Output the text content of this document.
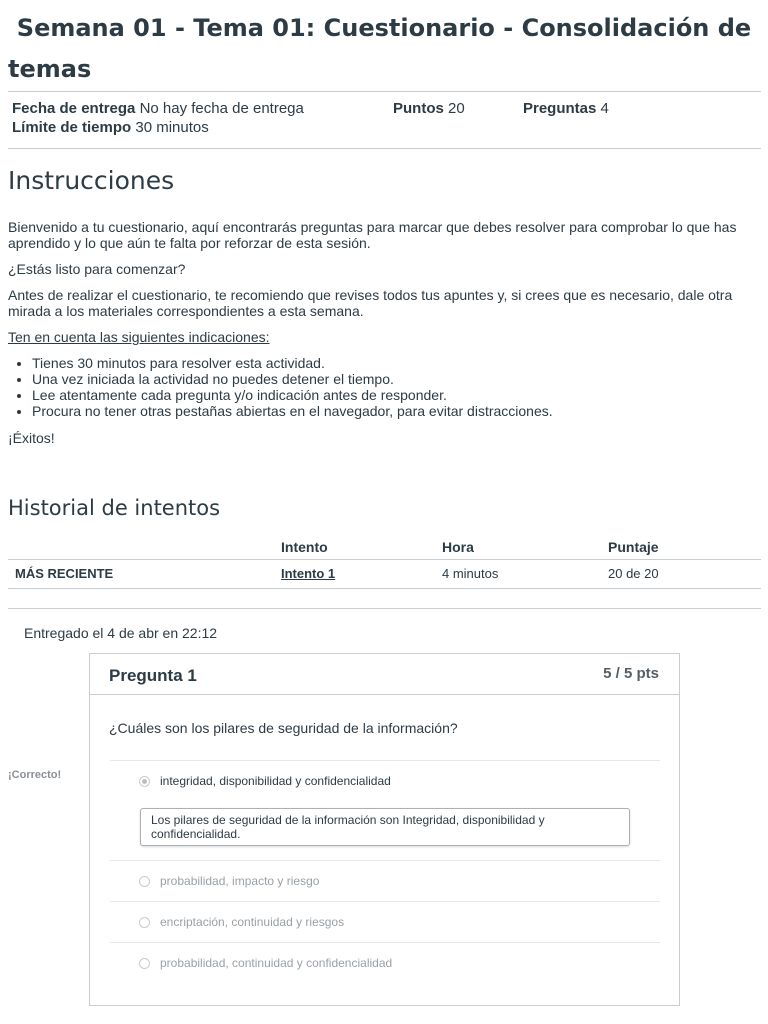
Semana 01 - Tema 01: Cuestionario - Consolidación de
temas
Fecha de entrega No hay fecha de entrega	Puntos 20	Preguntas 4
Límite de tiempo 30 minutos
Instrucciones

Bienvenido a tu cuestionario, aquí encontrarás preguntas para marcar que debes resolver para comprobar lo que has aprendido y lo que aún te falta por reforzar de esta sesión.

¿Estás listo para comenzar?

Antes de realizar el cuestionario, te recomiendo que revises todos tus apuntes y, si crees que es necesario, dale otra mirada a los materiales correspondientes a esta semana.

Ten en cuenta las siguientes indicaciones:

• Tienes 30 minutos para resolver esta actividad.
• Una vez iniciada la actividad no puedes detener el tiempo.
• Lee atentamente cada pregunta y/o indicación antes de responder.
• Procura no tener otras pestañas abiertas en el navegador, para evitar distracciones.

¡Éxitos!

Historial de intentos
	Intento	Hora	Puntaje
MÁS RECIENTE	Intento 1	4 minutos	20 de 20
Entregado el 4 de abr en 22:12
¡Correcto!
Pregunta 1	5 / 5 pts
¿Cuáles son los pilares de seguridad de la información?
integridad, disponibilidad y confidencialidad
Los pilares de seguridad de la información son Integridad, disponibilidad y confidencialidad.
probabilidad, impacto y riesgo
encriptación, continuidad y riesgos
probabilidad, continuidad y confidencialidad
